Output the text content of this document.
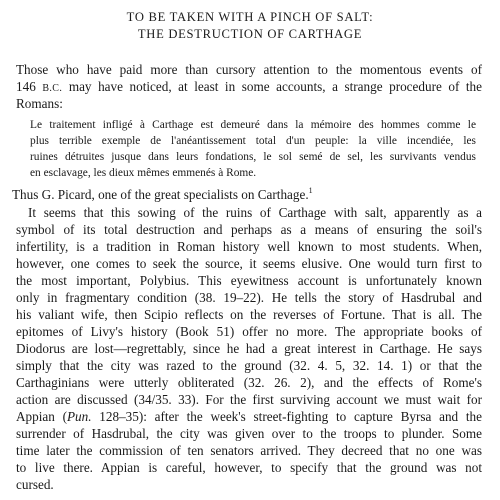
TO BE TAKEN WITH A PINCH OF SALT:
THE DESTRUCTION OF CARTHAGE
Those who have paid more than cursory attention to the momentous events of
146 B.C. may have noticed, at least in some accounts, a strange procedure of the
Romans:
Le traitement infligé à Carthage est demeuré dans la mémoire des hommes comme le
plus terrible exemple de l'anéantissement total d'un peuple: la ville incendiée, les
ruines détruites jusque dans leurs fondations, le sol semé de sel, les survivants vendus
en esclavage, les dieux mêmes emmenés à Rome.
Thus G. Picard, one of the great specialists on Carthage.$^1$
It seems that this sowing of the ruins of Carthage with salt, apparently as a
symbol of its total destruction and perhaps as a means of ensuring the soil's
infertility, is a tradition in Roman history well known to most students. When,
however, one comes to seek the source, it seems elusive. One would turn first to
the most important, Polybius. This eyewitness account is unfortunately known
only in fragmentary condition (38. 19–22). He tells the story of Hasdrubal and
his valiant wife, then Scipio reflects on the reverses of Fortune. That is all. The
epitomes of Livy's history (Book 51) offer no more. The appropriate books of
Diodorus are lost—regrettably, since he had a great interest in Carthage. He says
simply that the city was razed to the ground (32. 4. 5, 32. 14. 1) or that the
Carthaginians were utterly obliterated (32. 26. 2), and the effects of Rome's
action are discussed (34/35. 33). For the first surviving account we must wait for
Appian (Pun. 128–35): after the week's street-fighting to capture Byrsa and the
surrender of Hasdrubal, the city was given over to the troops to plunder. Some
time later the commission of ten senators arrived. They decreed that no one was
to live there. Appian is careful, however, to specify that the ground was not
cursed.
